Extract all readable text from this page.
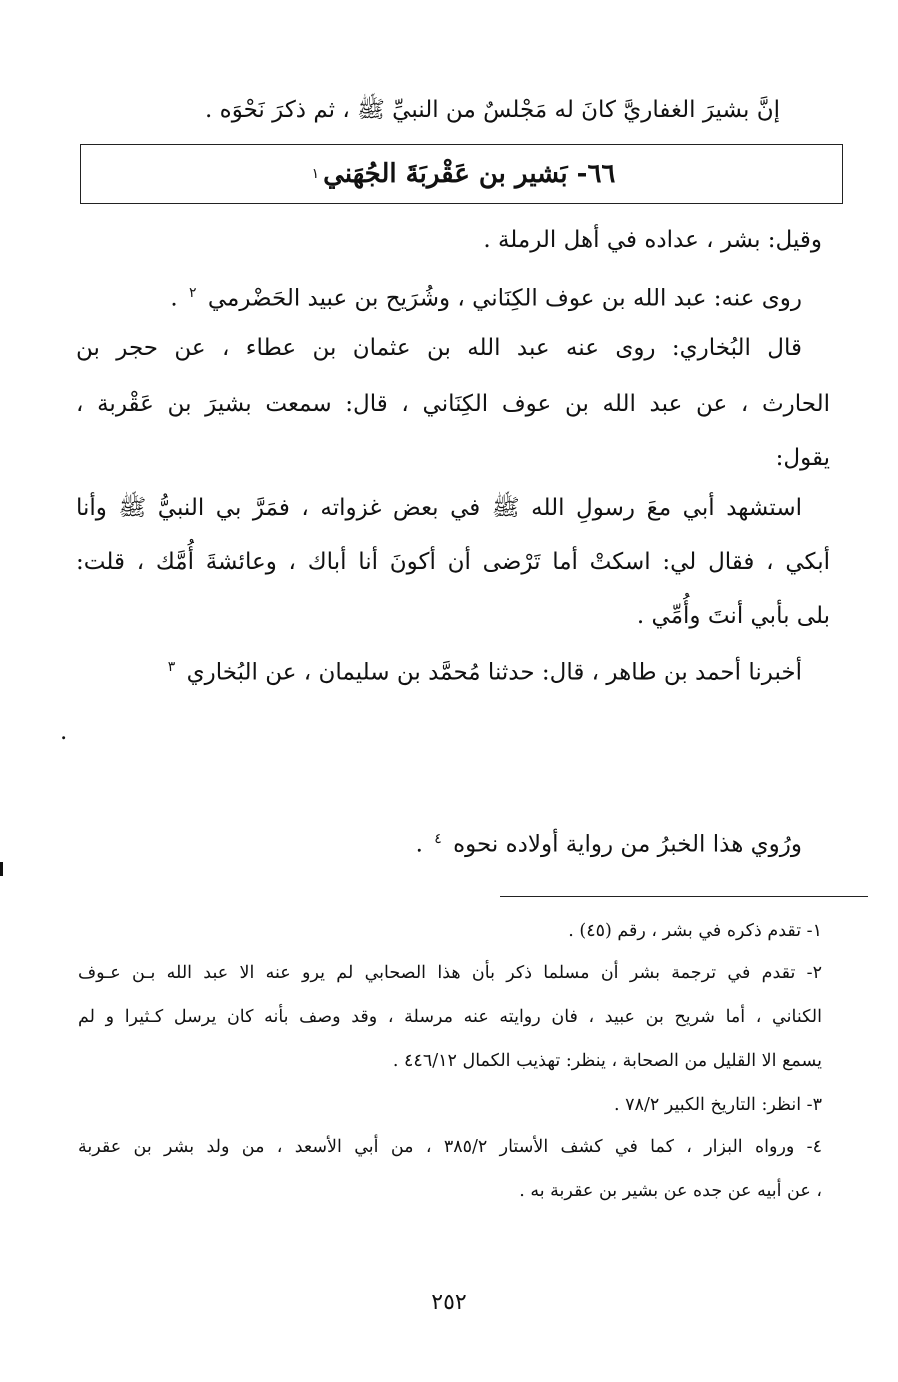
إنَّ بشيرَ الغفاريَّ كانَ له مَجْلسٌ من النبيِّ ﷺ ، ثم ذكرَ نَحْوَه .
٦٦- بَشير بن عَقْربَةَ الجُهَني
١
وقيل: بشر ، عداده في أهل الرملة .
روى عنه: عبد الله بن عوف الكِنَاني ، وشُرَيح بن عبيد الحَضْرمي $^٢$ .
قال البُخاري: روى عنه عبد الله بن عثمان بن عطاء ، عن حجر بن
الحارث ، عن عبد الله بن عوف الكِنَاني ، قال: سمعت بشيرَ بن عَقْربة ،
يقول:
استشهد أبي معَ رسولِ الله ﷺ في بعض غزواته ، فمَرَّ بي النبيُّ ﷺ وأنا
أبكي ، فقال لي: اسكتْ أما تَرْضى أن أكونَ أنا أباك ، وعائشةَ أُمَّك ، قلت:
بلى بأبي أنتَ وأُمِّي .
أخبرنا أحمد بن طاهر ، قال: حدثنا مُحمَّد بن سليمان ، عن البُخاري $^٣$
.
ورُوي هذا الخبرُ من رواية أولاده نحوه $^٤$ .
١- تقدم ذكره في بشر ، رقم (٤٥) .
٢- تقدم في ترجمة بشر أن مسلما ذكر بأن هذا الصحابي لم يرو عنه الا عبد الله بـن عـوف
الكناني ، أما شريح بن عبيد ، فان روايته عنه مرسلة ، وقد وصف بأنه كان يرسل كـثيرا و لم
يسمع الا القليل من الصحابة ، ينظر: تهذيب الكمال ٤٤٦/١٢ .
٣- انظر: التاريخ الكبير ٧٨/٢ .
٤- ورواه البزار ، كما في كشف الأستار ٣٨٥/٢ ، من أبي الأسعد ، من ولد بشر بن عقربة
، عن أبيه عن جده عن بشير بن عقربة به .
٢٥٢
